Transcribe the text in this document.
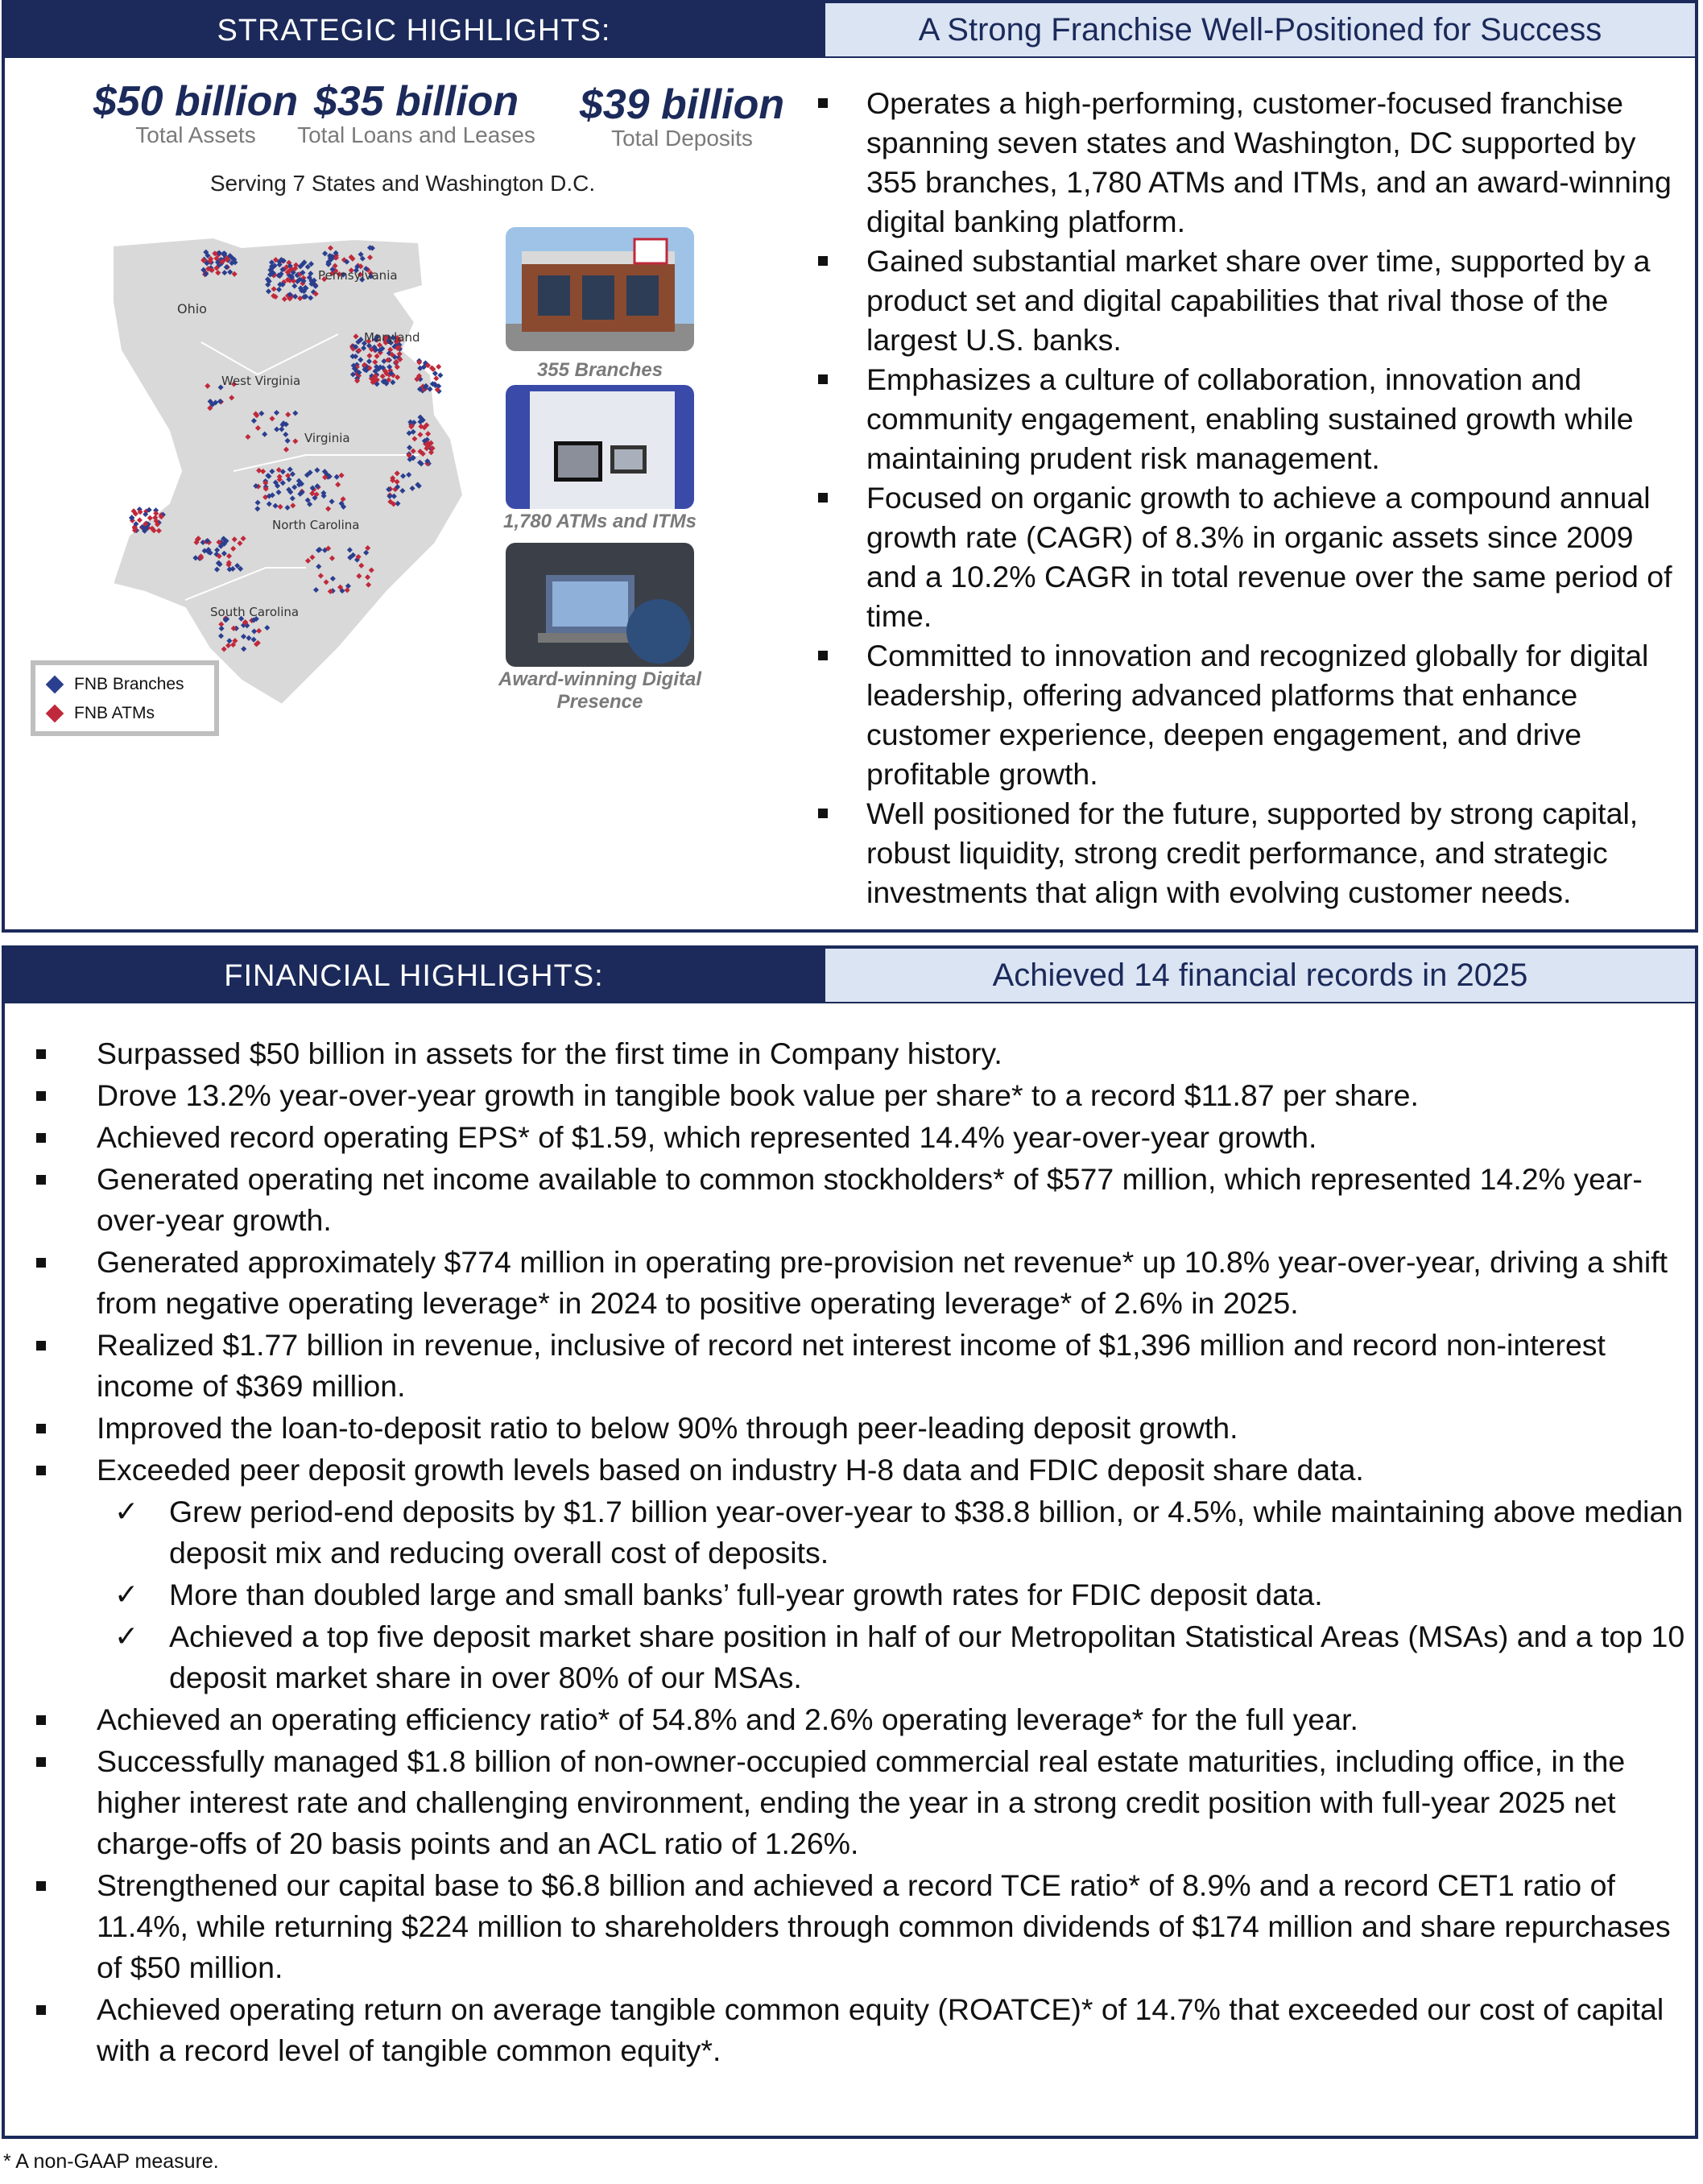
STRATEGIC HIGHLIGHTS:	A Strong Franchise Well-Positioned for Success
$50 billion
Total Assets
$35 billion
Total Loans and Leases
$39 billion
Total Deposits
Serving 7 States and Washington D.C.
Ohio
Pennsylvania
Maryland
West Virginia
Virginia
North Carolina
South Carolina
355 Branches
1,780 ATMs and ITMs
Award-winning Digital Presence
FNB Branches
FNB ATMs
Operates a high-performing, customer-focused franchise spanning seven states and Washington, DC supported by 355 branches, 1,780 ATMs and ITMs, and an award-winning digital banking platform.
Gained substantial market share over time, supported by a product set and digital capabilities that rival those of the largest U.S. banks.
Emphasizes a culture of collaboration, innovation and community engagement, enabling sustained growth while maintaining prudent risk management.
Focused on organic growth to achieve a compound annual growth rate (CAGR) of 8.3% in organic assets since 2009 and a 10.2% CAGR in total revenue over the same period of time.
Committed to innovation and recognized globally for digital leadership, offering advanced platforms that enhance customer experience, deepen engagement, and drive profitable growth.
Well positioned for the future, supported by strong capital, robust liquidity, strong credit performance, and strategic investments that align with evolving customer needs.
FINANCIAL HIGHLIGHTS:	Achieved 14 financial records in 2025
Surpassed $50 billion in assets for the first time in Company history.
Drove 13.2% year-over-year growth in tangible book value per share* to a record $11.87 per share.
Achieved record operating EPS* of $1.59, which represented 14.4% year-over-year growth.
Generated operating net income available to common stockholders* of $577 million, which represented 14.2% year-over-year growth.
Generated approximately $774 million in operating pre-provision net revenue* up 10.8% year-over-year, driving a shift from negative operating leverage* in 2024 to positive operating leverage* of 2.6% in 2025.
Realized $1.77 billion in revenue, inclusive of record net interest income of $1,396 million and record non-interest income of $369 million.
Improved the loan-to-deposit ratio to below 90% through peer-leading deposit growth.
Exceeded peer deposit growth levels based on industry H-8 data and FDIC deposit share data.
✓ Grew period-end deposits by $1.7 billion year-over-year to $38.8 billion, or 4.5%, while maintaining above median deposit mix and reducing overall cost of deposits.
✓ More than doubled large and small banks’ full-year growth rates for FDIC deposit data.
✓ Achieved a top five deposit market share position in half of our Metropolitan Statistical Areas (MSAs) and a top 10 deposit market share in over 80% of our MSAs.
Achieved an operating efficiency ratio* of 54.8% and 2.6% operating leverage* for the full year.
Successfully managed $1.8 billion of non-owner-occupied commercial real estate maturities, including office, in the higher interest rate and challenging environment, ending the year in a strong credit position with full-year 2025 net charge-offs of 20 basis points and an ACL ratio of 1.26%.
Strengthened our capital base to $6.8 billion and achieved a record TCE ratio* of 8.9% and a record CET1 ratio of 11.4%, while returning $224 million to shareholders through common dividends of $174 million and share repurchases of $50 million.
Achieved operating return on average tangible common equity (ROATCE)* of 14.7% that exceeded our cost of capital with a record level of tangible common equity*.
* A non-GAAP measure.
